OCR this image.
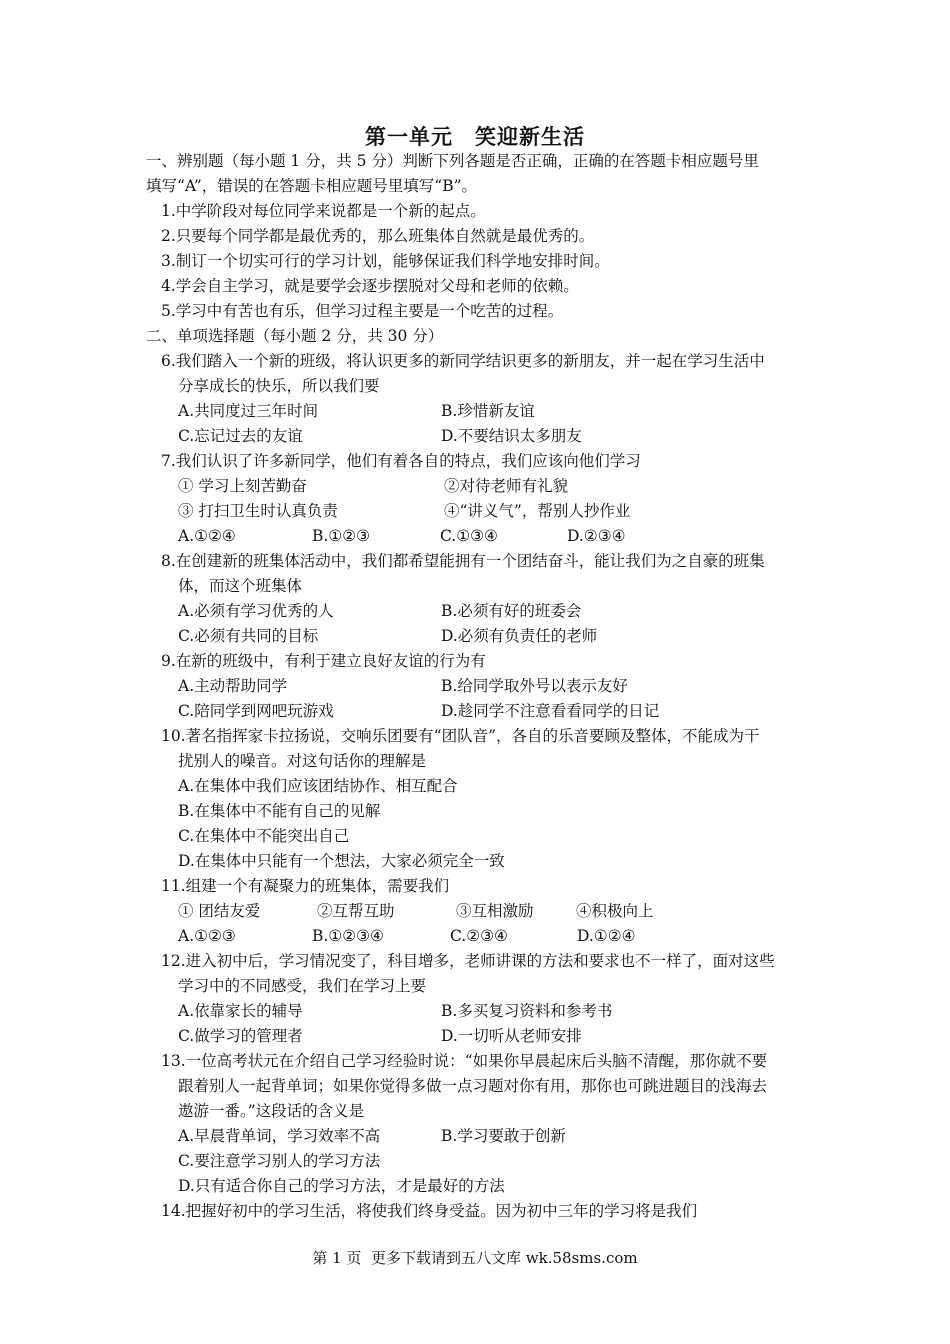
第一单元　笑迎新生活
一、辨别题（每小题 1 分，共 5 分）判断下列各题是否正确，正确的在答题卡相应题号里
填写“A”，错误的在答题卡相应题号里填写“B”。
1.中学阶段对每位同学来说都是一个新的起点。
2.只要每个同学都是最优秀的，那么班集体自然就是最优秀的。
3.制订一个切实可行的学习计划，能够保证我们科学地安排时间。
4.学会自主学习，就是要学会逐步摆脱对父母和老师的依赖。
5.学习中有苦也有乐，但学习过程主要是一个吃苦的过程。
二、单项选择题（每小题 2 分，共 30 分）
6.我们踏入一个新的班级，将认识更多的新同学结识更多的新朋友，并一起在学习生活中
分享成长的快乐，所以我们要
A.共同度过三年时间	B.珍惜新友谊
C.忘记过去的友谊	D.不要结识太多朋友
7.我们认识了许多新同学，他们有着各自的特点，我们应该向他们学习
① 学习上刻苦勤奋	②对待老师有礼貌
③ 打扫卫生时认真负责	④“讲义气”，帮别人抄作业
A.①②④	B.①②③	C.①③④	D.②③④
8.在创建新的班集体活动中，我们都希望能拥有一个团结奋斗，能让我们为之自豪的班集
体，而这个班集体
A.必须有学习优秀的人	B.必须有好的班委会
C.必须有共同的目标	D.必须有负责任的老师
9.在新的班级中，有利于建立良好友谊的行为有
A.主动帮助同学	B.给同学取外号以表示友好
C.陪同学到网吧玩游戏	D.趁同学不注意看看同学的日记
10.著名指挥家卡拉扬说，交响乐团要有“团队音”，各自的乐音要顾及整体，不能成为干
扰别人的噪音。对这句话你的理解是
A.在集体中我们应该团结协作、相互配合
B.在集体中不能有自己的见解
C.在集体中不能突出自己
D.在集体中只能有一个想法，大家必须完全一致
11.组建一个有凝聚力的班集体，需要我们
① 团结友爱	②互帮互助	③互相激励	④积极向上
A.①②③	B.①②③④	C.②③④	D.①②④
12.进入初中后，学习情况变了，科目增多，老师讲课的方法和要求也不一样了，面对这些
学习中的不同感受，我们在学习上要
A.依靠家长的辅导	B.多买复习资料和参考书
C.做学习的管理者	D.一切听从老师安排
13.一位高考状元在介绍自己学习经验时说：“如果你早晨起床后头脑不清醒，那你就不要
跟着别人一起背单词；如果你觉得多做一点习题对你有用，那你也可跳进题目的浅海去
遨游一番。”这段话的含义是
A.早晨背单词，学习效率不高	B.学习要敢于创新
C.要注意学习别人的学习方法
D.只有适合你自己的学习方法，才是最好的方法
14.把握好初中的学习生活，将使我们终身受益。因为初中三年的学习将是我们
第 1 页  更多下载请到五八文库 wk.58sms.com
